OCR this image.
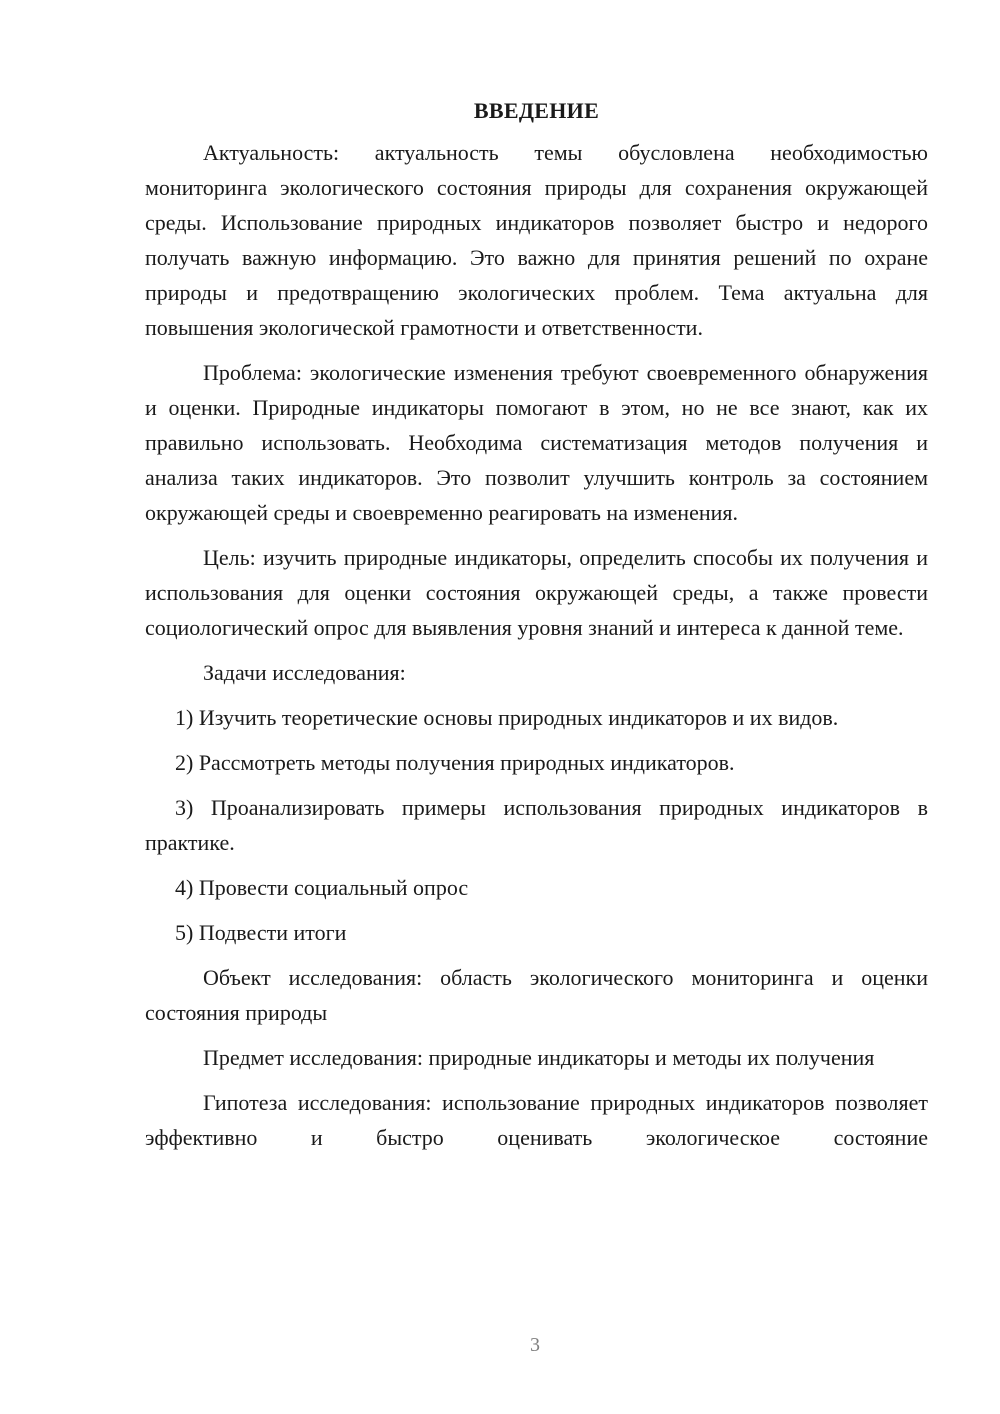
ВВЕДЕНИЕ

Актуальность: актуальность темы обусловлена необходимостью мониторинга экологического состояния природы для сохранения окружающей среды. Использование природных индикаторов позволяет быстро и недорого получать важную информацию. Это важно для принятия решений по охране природы и предотвращению экологических проблем. Тема актуальна для повышения экологической грамотности и ответственности.

Проблема: экологические изменения требуют своевременного обнаружения и оценки. Природные индикаторы помогают в этом, но не все знают, как их правильно использовать. Необходима систематизация методов получения и анализа таких индикаторов. Это позволит улучшить контроль за состоянием окружающей среды и своевременно реагировать на изменения.

Цель: изучить природные индикаторы, определить способы их получения и использования для оценки состояния окружающей среды, а также провести социологический опрос для выявления уровня знаний и интереса к данной теме.

Задачи исследования:

1) Изучить теоретические основы природных индикаторов и их видов.

2) Рассмотреть методы получения природных индикаторов.

3) Проанализировать примеры использования природных индикаторов в практике.

4) Провести социальный опрос

5) Подвести итоги

Объект исследования: область экологического мониторинга и оценки состояния природы

Предмет исследования: природные индикаторы и методы их получения

Гипотеза исследования: использование природных индикаторов позволяет эффективно и быстро оценивать экологическое состояние

3
